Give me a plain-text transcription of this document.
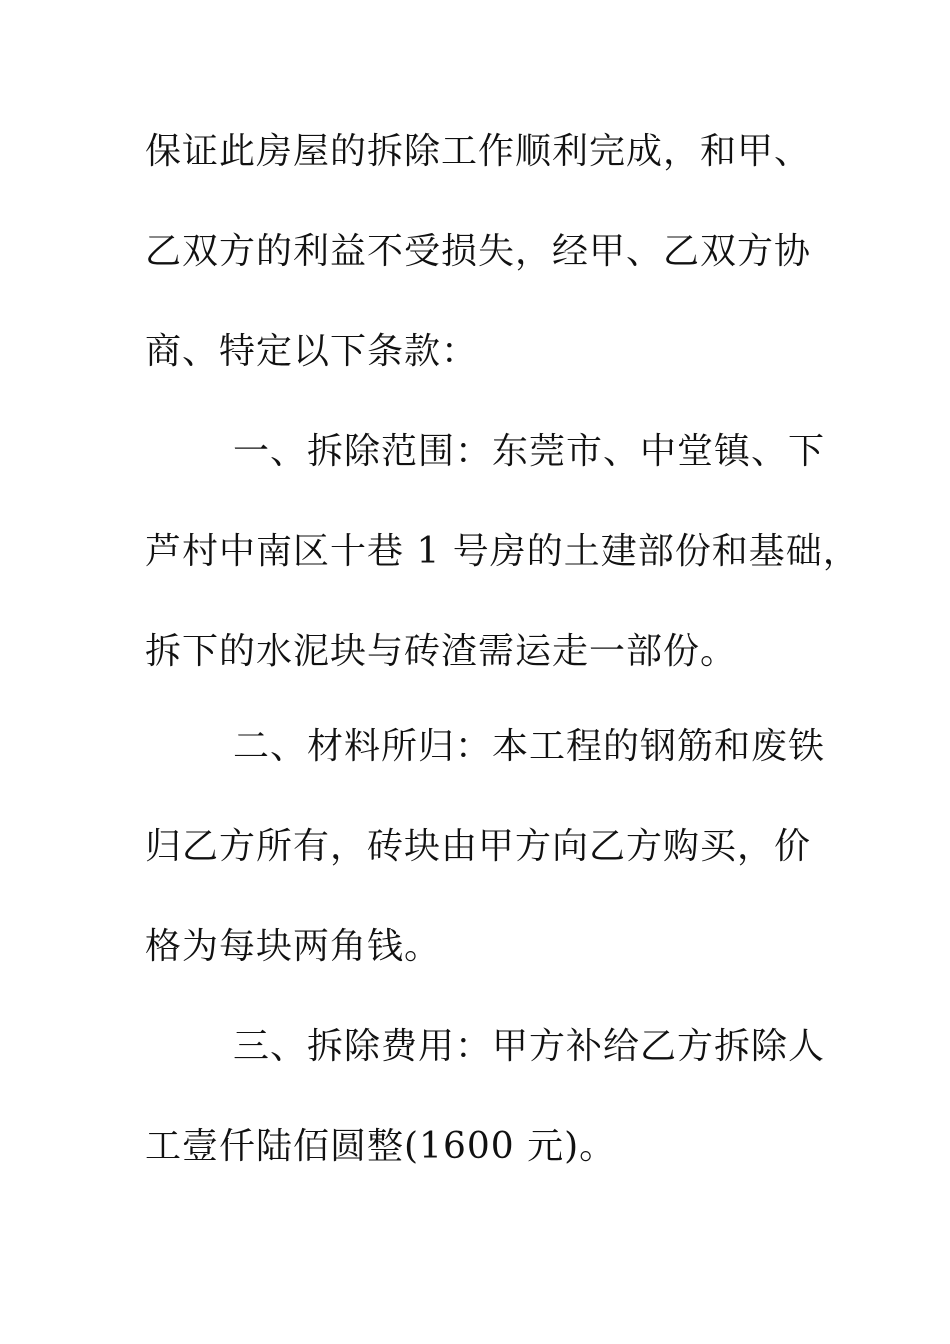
保证此房屋的拆除工作顺利完成，和甲、
乙双方的利益不受损失，经甲、乙双方协
商、特定以下条款：
一、拆除范围：东莞市、中堂镇、下
芦村中南区十巷 1 号房的土建部份和基础，
拆下的水泥块与砖渣需运走一部份。
二、材料所归：本工程的钢筋和废铁
归乙方所有，砖块由甲方向乙方购买，价
格为每块两角钱。
三、拆除费用：甲方补给乙方拆除人
工壹仟陆佰圆整(1600 元)。
